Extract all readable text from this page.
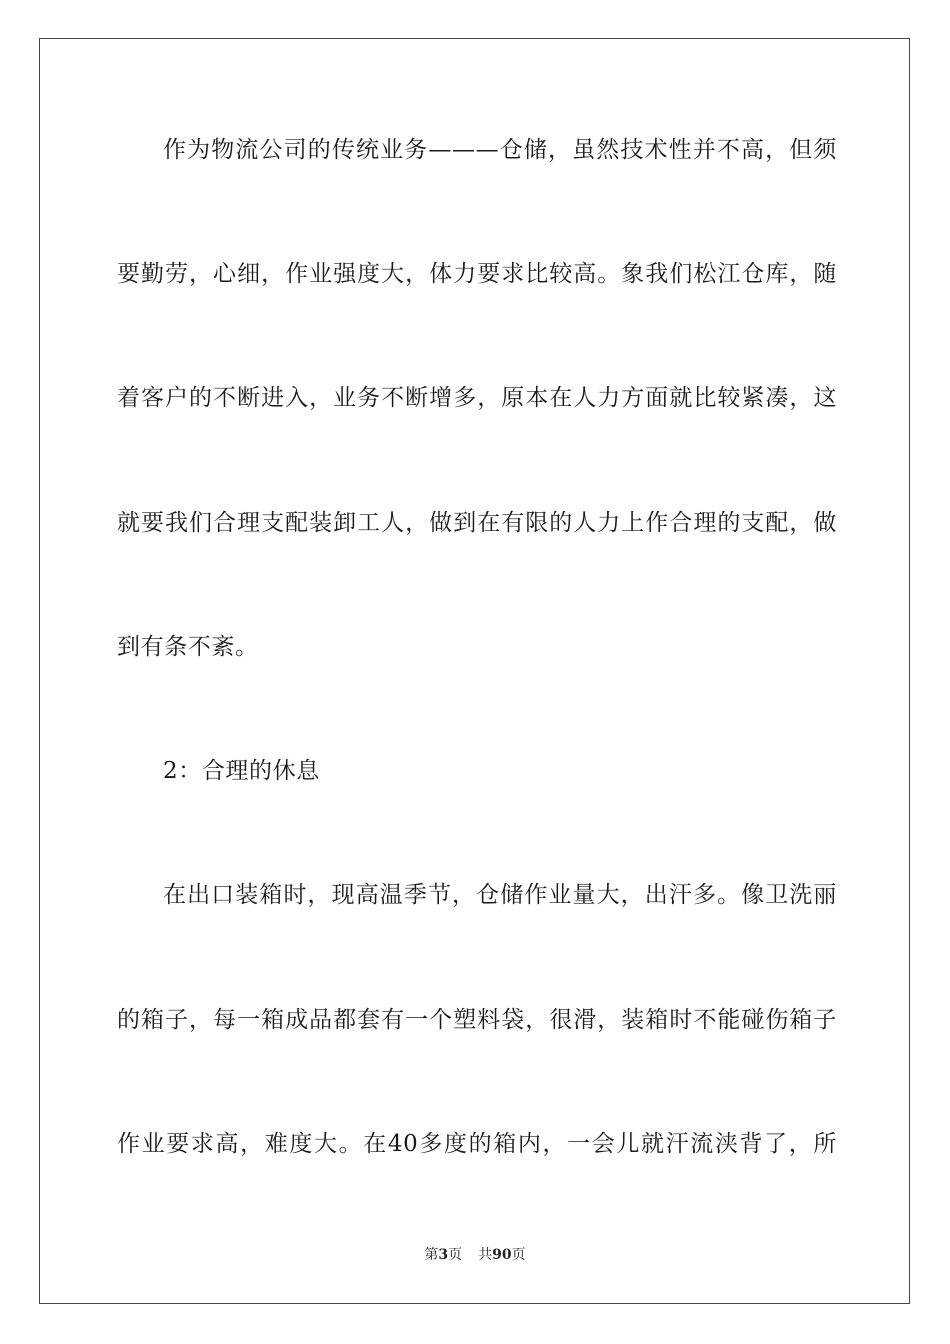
作为物流公司的传统业务———仓储，虽然技术性并不高，但须
要勤劳，心细，作业强度大，体力要求比较高。象我们松江仓库，随
着客户的不断进入，业务不断增多，原本在人力方面就比较紧凑，这
就要我们合理支配装卸工人，做到在有限的人力上作合理的支配，做
到有条不紊。
2：合理的休息
在出口装箱时，现高温季节，仓储作业量大，出汗多。像卫洗丽
的箱子，每一箱成品都套有一个塑料袋，很滑，装箱时不能碰伤箱子
作业要求高，难度大。在40多度的箱内，一会儿就汗流浃背了，所
第3页 共90页
